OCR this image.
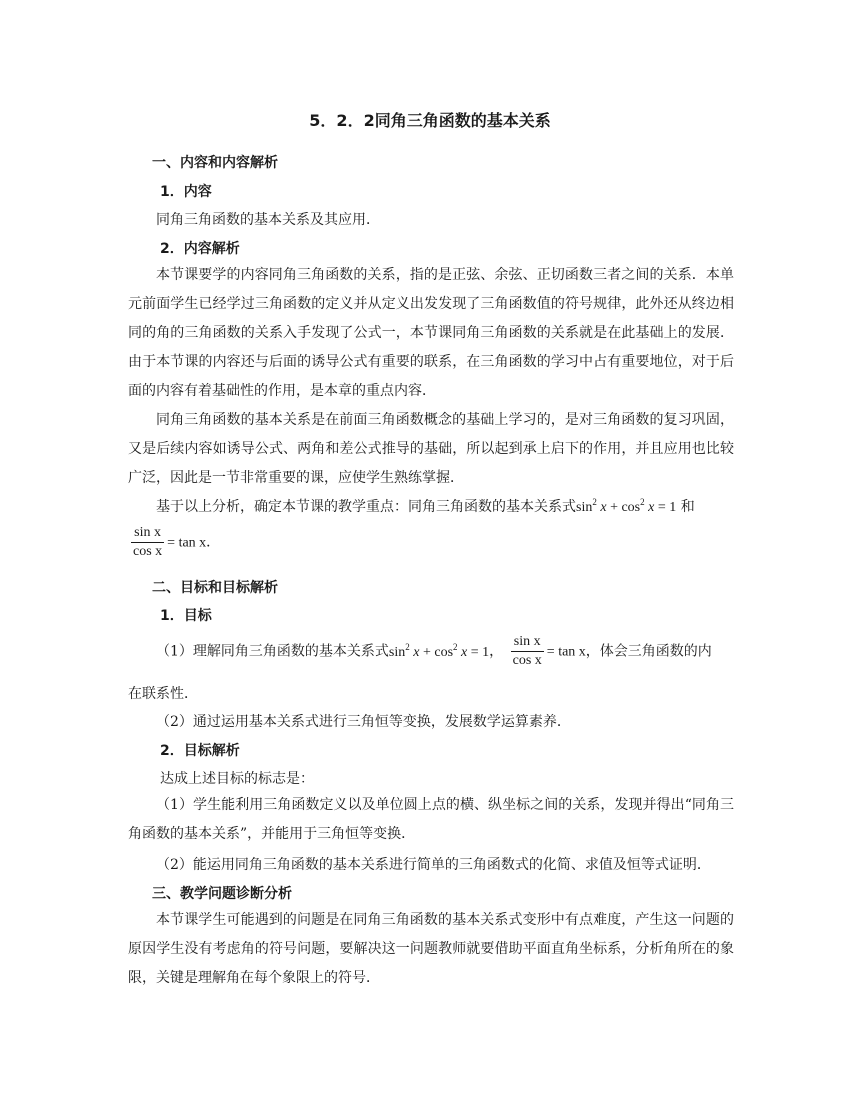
5．2．2同角三角函数的基本关系
一、内容和内容解析
1．内容
同角三角函数的基本关系及其应用．
2．内容解析
本节课要学的内容同角三角函数的关系，指的是正弦、余弦、正切函数三者之间的关系．本单元前面学生已经学过三角函数的定义并从定义出发发现了三角函数值的符号规律，此外还从终边相同的角的三角函数的关系入手发现了公式一，本节课同角三角函数的关系就是在此基础上的发展．由于本节课的内容还与后面的诱导公式有重要的联系，在三角函数的学习中占有重要地位，对于后面的内容有着基础性的作用，是本章的重点内容．
同角三角函数的基本关系是在前面三角函数概念的基础上学习的，是对三角函数的复习巩固，又是后续内容如诱导公式、两角和差公式推导的基础，所以起到承上启下的作用，并且应用也比较广泛，因此是一节非常重要的课，应使学生熟练掌握．
基于以上分析，确定本节课的教学重点：同角三角函数的基本关系式$\sin^2 x + \cos^2 x = 1$ 和
$\frac{\text{sin x}}{\text{cos x}} = \tan x$．
二、目标和目标解析
1．目标
（1）理解同角三角函数的基本关系式$\sin^2 x + \cos^2 x = 1$， $\frac{\text{sin x}}{\text{cos x}} = \tan x$，体会三角函数的内
在联系性．
（2）通过运用基本关系式进行三角恒等变换，发展数学运算素养．
2．目标解析
达成上述目标的标志是：
（1）学生能利用三角函数定义以及单位圆上点的横、纵坐标之间的关系，发现并得出“同角三角函数的基本关系”，并能用于三角恒等变换．
（2）能运用同角三角函数的基本关系进行简单的三角函数式的化简、求值及恒等式证明．
三、教学问题诊断分析
本节课学生可能遇到的问题是在同角三角函数的基本关系式变形中有点难度，产生这一问题的原因学生没有考虑角的符号问题，要解决这一问题教师就要借助平面直角坐标系，分析角所在的象限，关键是理解角在每个象限上的符号．
